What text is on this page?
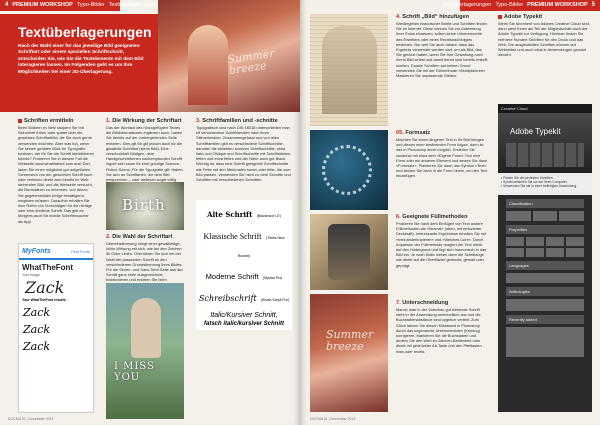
4 PREMIUM WORKSHOP Typo-Bilder Textüberlagerungen
Textüberlagerungen
Nach der Wahl einer für das jeweilige Bild geeigneten Schriftart oder einem speziellen Schriftschnitt, entscheiden Sie, wie Sie die Textelemente mit dem Bild interagieren lassen. Im Folgenden geht es um Ihre Möglichkeiten bei einer 2D-Überlagerung.
Summer breeze
Schriften ermitteln
Beim Stöbern im Netz stolpern Sie mit Sicherheit früher oder später über ein gesetztes Schriftartbild, die Sie auch gerne verwenden möchten. Aber was tun, wenn Sie keinen geübten Blick für Typografie besitzen, der für Sie die Schrift identifizieren könnte? Probieren Sie in diesem Fall die Webseite www.whatthefont.com aus! Dort laden Sie einen möglichst gut aufgelösten Screenshot von der gesuchten Schrift hoch oder verlinken direkt zum bereits im Web stehenden Bild, und die Webseite versucht, die Buchstaben zu erkennen, von denen Sie gegebenenfalls einige bestätigend eingeben müssen. Daraufhin erhalten Sie eine Reihe von Vorschlägen für die richtige oder eine ähnliche Schrift. Das gibt es übrigens auch für mobile Schriftensucher als App.
MyFonts	Find Fonts
WhatTheFont
Your Image
Zack
Your WhatTheFont results:
Zack
Zack
Zack
1. Die Wirkung der Schriftart
Das der Wortlaut des hinzugefügten Textes die Bildinformationen ergänzen kann, haben Sie bereits auf der vorhergehenden Seite erfahren. Dies gilt für gilt jedoch auch für die gewählte Schriftart (siehe Bild). Eine verschnörkelt Blütigen, dem Handgeschriebenen nachempfunden Schrift eignet sich kaum für eine grunlige Science-Fiction-Szene. Für die Typografie gilt: Halten Sie sich an Schriftarten, die dem Bild entsprechen – oder vielleicht sogar völlig
Birth
2. Die Wahl der Schriftart
Übereinstimmung bringt einer gewaltlesige, kühle Wirkung mit sich, wie bei den Zeichen 50 Duke Linien. Orientieren Sie sich bei der Wahl der passenden Schrift an den verschiedenen Grundstimmung Ihres Bildes. Für die Serien- und Sans-Serif-Seite aus der Schrift ganz eben ausgezeichnet, funktionieren und erzielen Sie beim
I MISS YOU
3. Schriftfamilien und -schnitte
Typografisch sind nach DIN 16518 unterschieden man elf verschiedene Schriftfamilien nach ihren Stilmerkmalen. Zusammengefasst und von allen Schriftfamilien gibt es verschiedene Schriftschnitte, darunter die beliebten kursiven Schriftschnitte, etwa Italic und Oblique und Schriftschnitte mit Schriftstärken, fetten und extra fetten und der Nähe auch gut Black. Wichtig ist, dass eine Schrift geeignete Schriftschnitte wie Fette mit den Merkmalen kursiv oder fette, die zum Bild passen. Verwenden Sie nicht zu viele Schnitte und Schriften mit verschiedenen Schnitten.
Alte Schrift (Blackmoor LE)
Klassische Schrift (Times New Roman)
Moderne Schrift (Myriad Pro)
Schreibschrift (Brush Script Pro)
Italic/Kursiver Schnitt,
fatsch italic/kursiver Schnitt
DOCMA 51 | Dezember 2013
Textüberlagerungen Typo-Bilder PREMIUM WORKSHOP 5
Summer breeze
4. Schrift „Bild“ hinzufügen
Wiedergeben historischer Briefe und Schriften finden Sie im Internet. Diese können Sie zur Aufwertung Ihrer Fotos einsetzen, sofern keine Urheberrechte des Erstellers oder eines Rechtsnachfolgers bestehen. Nur weil Sie auch darauf, dass das Ergebnis verwendet werden darf, um als Bild, das Sie genutzt haben, wenn Sie Ihre Gestaltung nach Ihrem Bild selbst und damit fremd sind bereits erstellt wurden. Dunkle Schriften auf hellem Grund verwenden Sie mit der Füllmethode »Multiplizieren«. Maskieren Sie unpassende Stellen.
05. Formsatz
Möchten Sie einen längeren Text in Ihr Bild bringen und diesen einer bestimmten Form folgen, dann ist das in Photoshop leicht möglich. Erstellen Sie zunächst mit etwa dem »Eigene Form«-Tool eine Form oder ein anderes Element und setzen Sie dann »Formsatz«. Platzieren Sie dann das Symbol »Text« und klicken Sie dann in die Form hinein, um den Text einzufügen.
6. Geeignete Füllmethoden
Probieren Sie nach dem Einfügen von Text andere Füllmethoden als »Normal« (oben, mit reduzierter Deckkraft). Interessante Ergebnisse erhalten Sie mit »Ineinanderkopieren« und »Weiches Licht«. Durch Anpassen der Füllmethode reagiert der Text direkt auf den Hintergrund und fügt sich harmonisch in das Bild ein. Je nach Motiv wirken dann die Schriftzüge wie direkt auf die Oberfläche gedruckt, gemalt oder geprägt.
7. Unterschneidung
Manch man in der Vorschau gut wirkende Schrift steht in der Anwendung uneinheitlich aus und die Buchstabenabstände sind ungleich verteilt. Zum Glück lassen Sie diesen Missstand in Photoshop durch das sogenannte Unterschneiden (Kerning) korrigieren. Markieren Sie die Buchstaben und ändern Sie den Wert im Zeichen-Bedienfeld oder direkt mit gedrückter Alt-Taste und den Pfeiltasten links oder rechts.
Adobe Typekit
Wenn Sie Abonnent von Adobes Creative Cloud sind, dann steht Ihnen als Teil der Mitgliedschaft auch der Adobe Typekit zur Verfügung. Hierüber finden Sie mehrere Hundert Schriften für den Druck und das Web. Die ausgewählten Schriften können auf Webseiten und auch lokal in Anwendungen genutzt werden.
Creative Cloud
Adobe Typekit
• Finden Sie die perfekten Schriften.
• Synchronisieren Sie sie auf Ihren Computer.
• Verwenden Sie sie in einer beliebigen Anwendung.
Classification
Properties
Languages
Anthologies
Recently added
DOCMA 51 | Dezember 2013
